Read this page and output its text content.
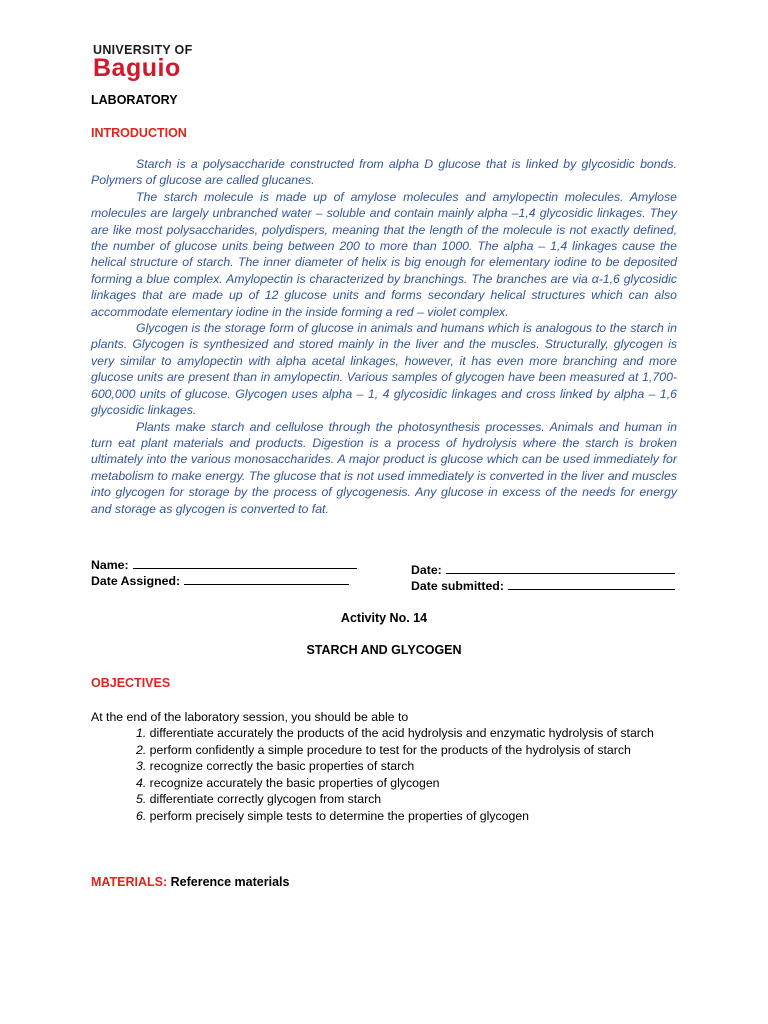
UNIVERSITY OF
Baguio
LABORATORY
INTRODUCTION

Starch is a polysaccharide constructed from alpha D glucose that is linked by glycosidic bonds. Polymers of glucose are called glucanes.

The starch molecule is made up of amylose molecules and amylopectin molecules. Amylose molecules are largely unbranched water – soluble and contain mainly alpha –1,4 glycosidic linkages. They are like most polysaccharides, polydispers, meaning that the length of the molecule is not exactly defined, the number of glucose units being between 200 to more than 1000. The alpha – 1,4 linkages cause the helical structure of starch. The inner diameter of helix is big enough for elementary iodine to be deposited forming a blue complex. Amylopectin is characterized by branchings. The branches are via α-1,6 glycosidic linkages that are made up of 12 glucose units and forms secondary helical structures which can also accommodate elementary iodine in the inside forming a red – violet complex.

Glycogen is the storage form of glucose in animals and humans which is analogous to the starch in plants. Glycogen is synthesized and stored mainly in the liver and the muscles. Structurally, glycogen is very similar to amylopectin with alpha acetal linkages, however, it has even more branching and more glucose units are present than in amylopectin. Various samples of glycogen have been measured at 1,700-600,000 units of glucose. Glycogen uses alpha – 1, 4 glycosidic linkages and cross linked by alpha – 1,6 glycosidic linkages.

Plants make starch and cellulose through the photosynthesis processes. Animals and human in turn eat plant materials and products. Digestion is a process of hydrolysis where the starch is broken ultimately into the various monosaccharides. A major product is glucose which can be used immediately for metabolism to make energy. The glucose that is not used immediately is converted in the liver and muscles into glycogen for storage by the process of glycogenesis. Any glucose in excess of the needs for energy and storage as glycogen is converted to fat.

Name:
Date Assigned:
Date:
Date submitted:
Activity No. 14
STARCH AND GLYCOGEN
OBJECTIVES
At the end of the laboratory session, you should be able to
1. differentiate accurately the products of the acid hydrolysis and enzymatic hydrolysis of starch
2. perform confidently a simple procedure to test for the products of the hydrolysis of starch
3. recognize correctly the basic properties of starch
4. recognize accurately the basic properties of glycogen
5. differentiate correctly glycogen from starch
6. perform precisely simple tests to determine the properties of glycogen
MATERIALS: Reference materials
